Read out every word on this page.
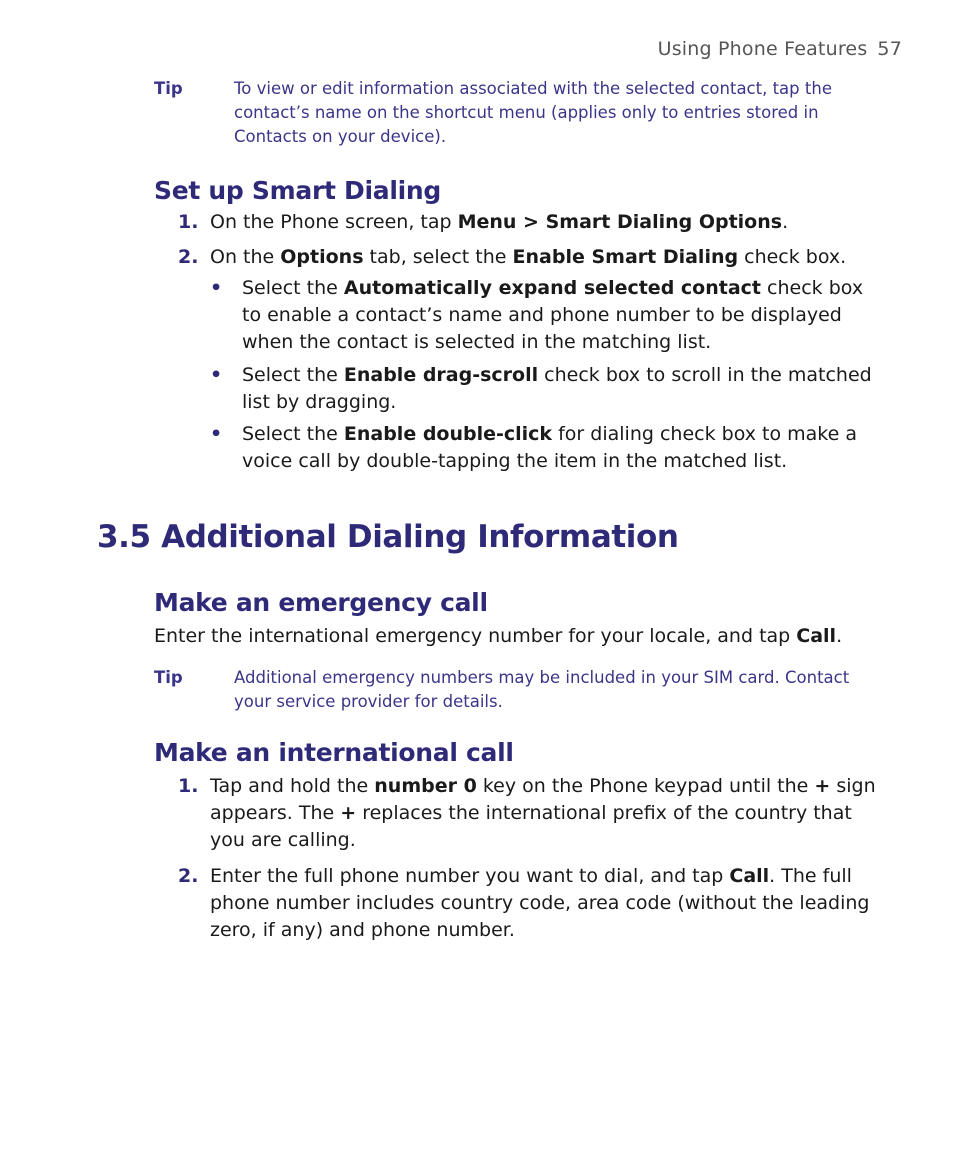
Using Phone Features 57
Tip	To view or edit information associated with the selected contact, tap the contact’s name on the shortcut menu (applies only to entries stored in Contacts on your device).
Set up Smart Dialing
1. On the Phone screen, tap Menu > Smart Dialing Options.
2. On the Options tab, select the Enable Smart Dialing check box.
• Select the Automatically expand selected contact check box to enable a contact’s name and phone number to be displayed when the contact is selected in the matching list.
• Select the Enable drag-scroll check box to scroll in the matched list by dragging.
• Select the Enable double-click for dialing check box to make a voice call by double-tapping the item in the matched list.
3.5 Additional Dialing Information
Make an emergency call
Enter the international emergency number for your locale, and tap Call.
Tip	Additional emergency numbers may be included in your SIM card. Contact your service provider for details.
Make an international call
1. Tap and hold the number 0 key on the Phone keypad until the + sign appears. The + replaces the international prefix of the country that you are calling.
2. Enter the full phone number you want to dial, and tap Call. The full phone number includes country code, area code (without the leading zero, if any) and phone number.
